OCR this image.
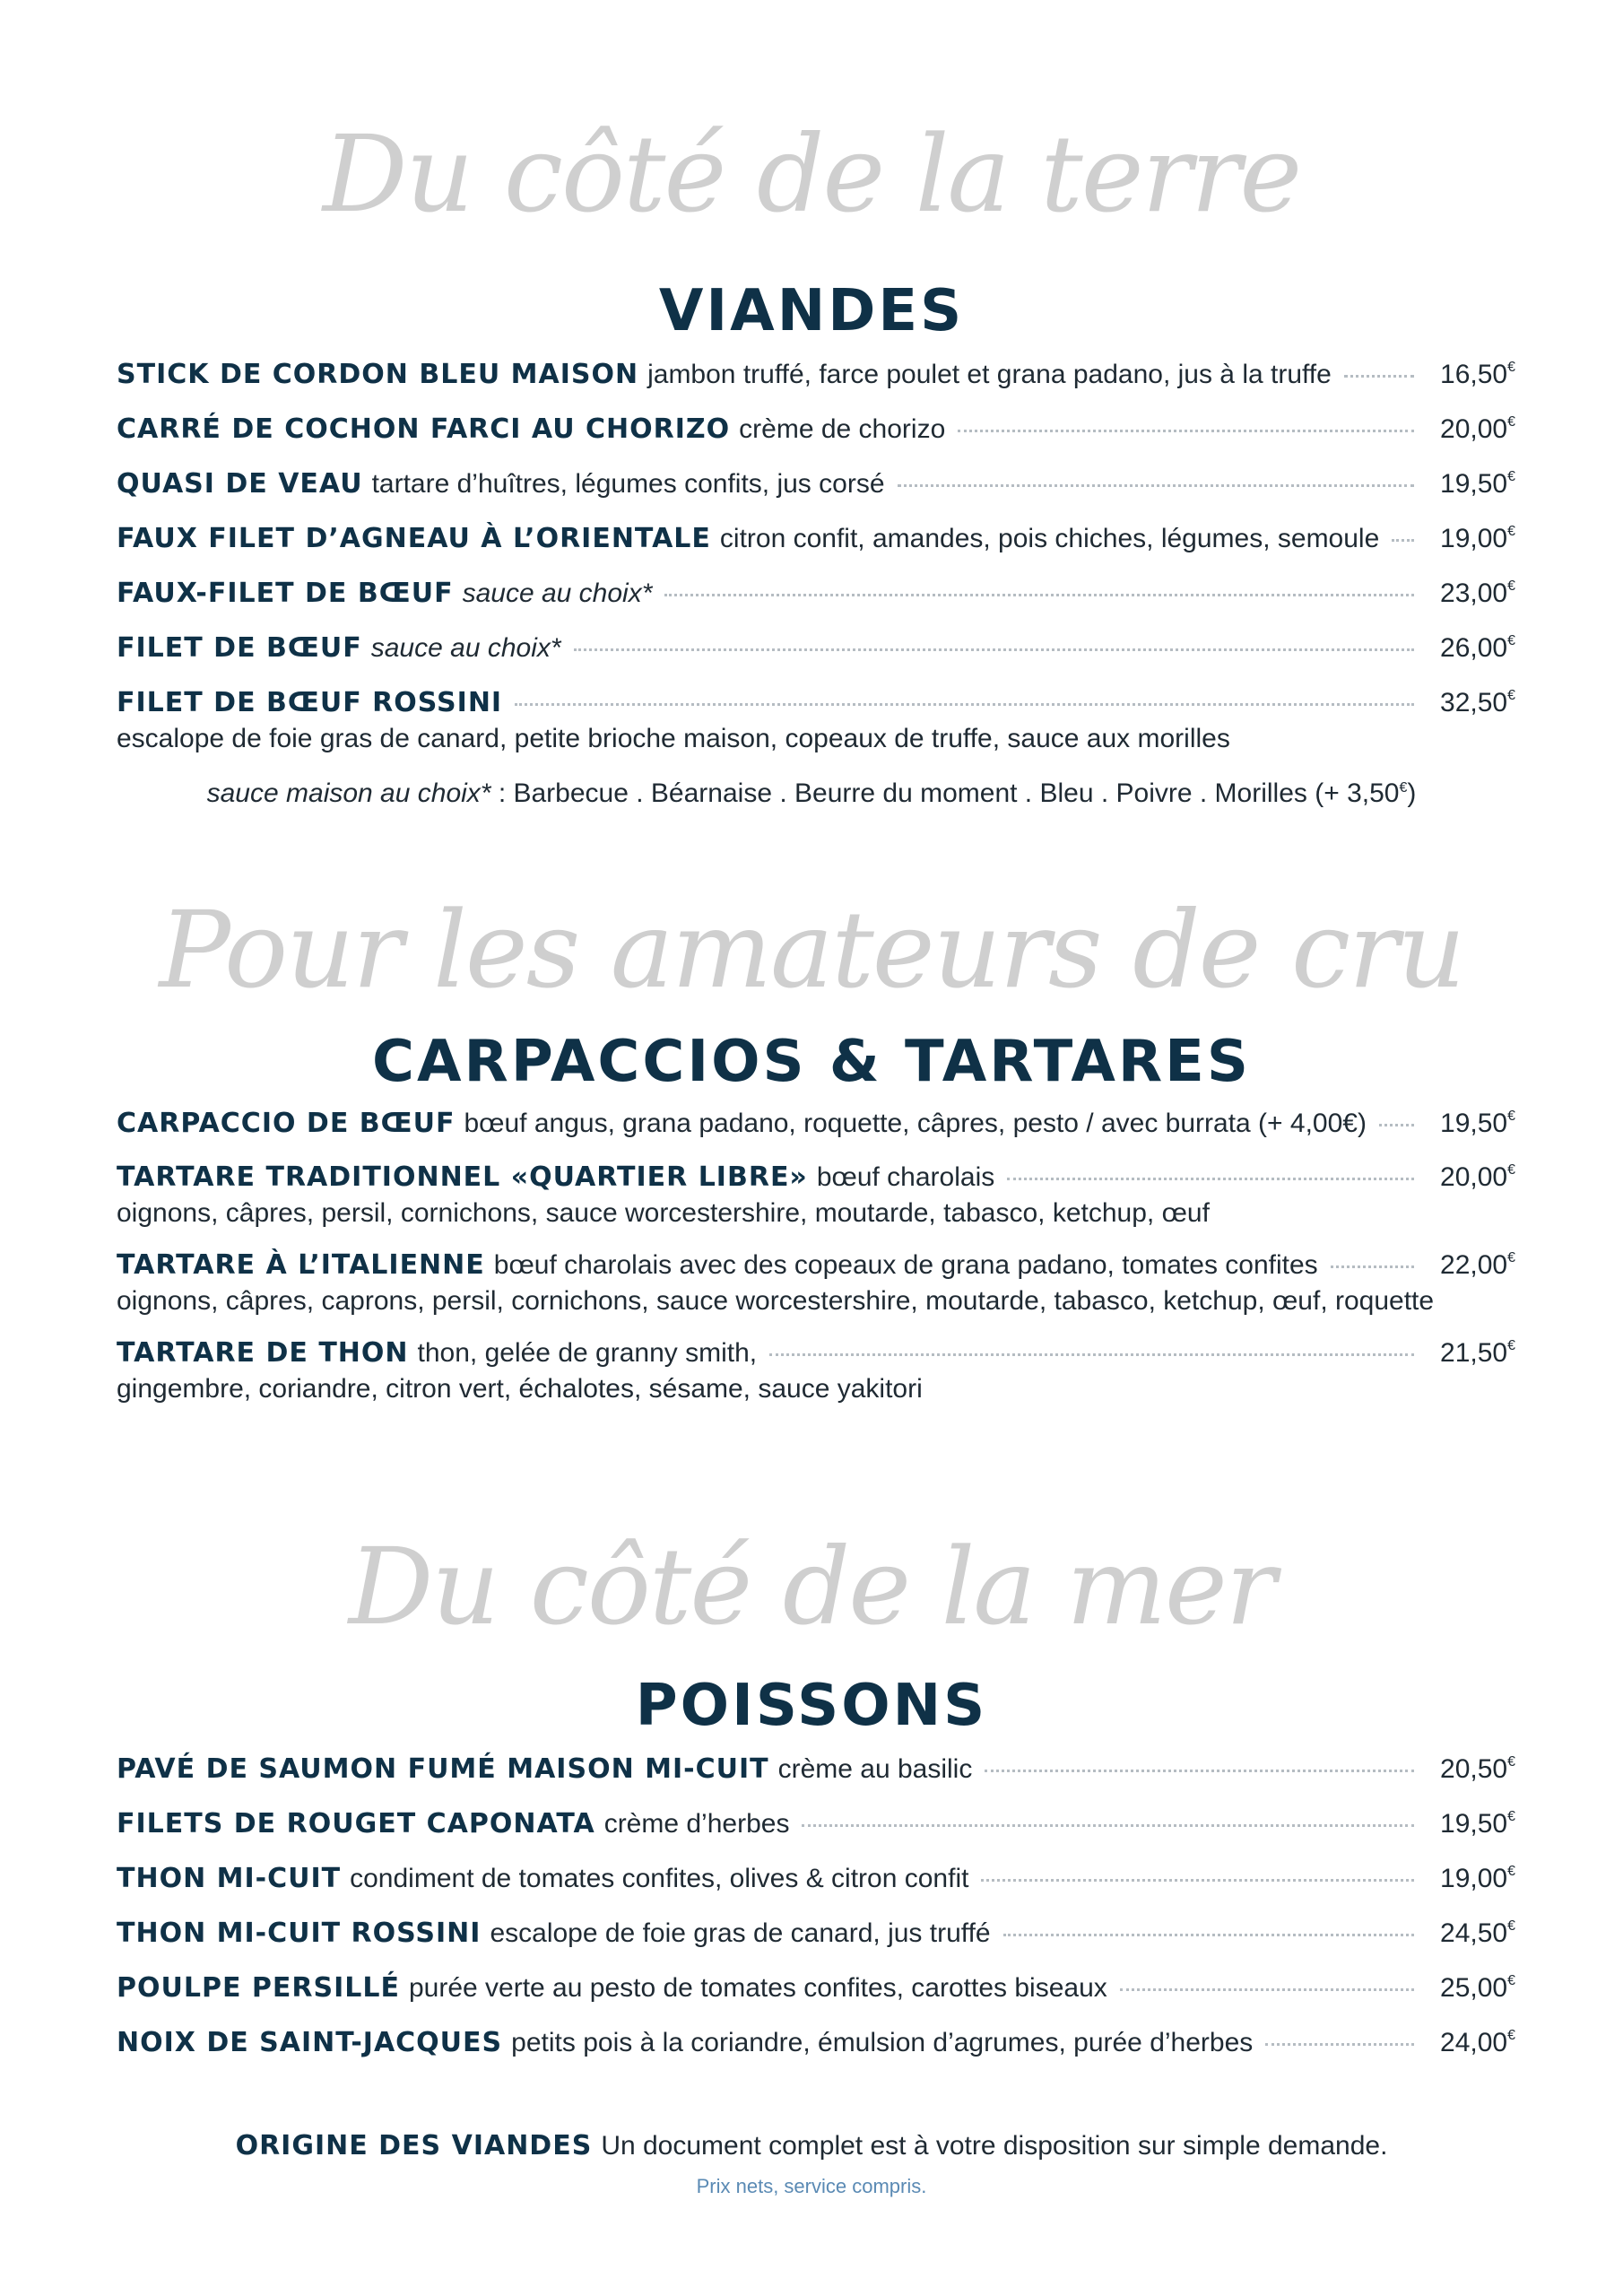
Du côté de la terre
VIANDES
STICK DE CORDON BLEU MAISON jambon truffé, farce poulet et grana padano, jus à la truffe	16,50€
CARRÉ DE COCHON FARCI AU CHORIZO crème de chorizo	20,00€
QUASI DE VEAU tartare d’huîtres, légumes confits, jus corsé	19,50€
FAUX FILET D’AGNEAU À L’ORIENTALE citron confit, amandes, pois chiches, légumes, semoule	19,00€
FAUX-FILET DE BŒUF sauce au choix*	23,00€
FILET DE BŒUF sauce au choix*	26,00€
FILET DE BŒUF ROSSINI	32,50€
escalope de foie gras de canard, petite brioche maison, copeaux de truffe, sauce aux morilles
sauce maison au choix* : Barbecue . Béarnaise . Beurre du moment . Bleu . Poivre . Morilles (+ 3,50€)
Pour les amateurs de cru
CARPACCIOS & TARTARES
CARPACCIO DE BŒUF bœuf angus, grana padano, roquette, câpres, pesto / avec burrata (+ 4,00€)	19,50€
TARTARE TRADITIONNEL «QUARTIER LIBRE» bœuf charolais	20,00€
oignons, câpres, persil, cornichons, sauce worcestershire, moutarde, tabasco, ketchup, œuf
TARTARE À L’ITALIENNE bœuf charolais avec des copeaux de grana padano, tomates confites	22,00€
oignons, câpres, caprons, persil, cornichons, sauce worcestershire, moutarde, tabasco, ketchup, œuf, roquette
TARTARE DE THON thon, gelée de granny smith,	21,50€
gingembre, coriandre, citron vert, échalotes, sésame, sauce yakitori
Du côté de la mer
POISSONS
PAVÉ DE SAUMON FUMÉ MAISON MI-CUIT crème au basilic	20,50€
FILETS DE ROUGET CAPONATA crème d’herbes	19,50€
THON MI-CUIT condiment de tomates confites, olives & citron confit	19,00€
THON MI-CUIT ROSSINI escalope de foie gras de canard, jus truffé	24,50€
POULPE PERSILLÉ purée verte au pesto de tomates confites, carottes biseaux	25,00€
NOIX DE SAINT-JACQUES petits pois à la coriandre, émulsion d’agrumes, purée d’herbes	24,00€
ORIGINE DES VIANDES Un document complet est à votre disposition sur simple demande.
Prix nets, service compris.
